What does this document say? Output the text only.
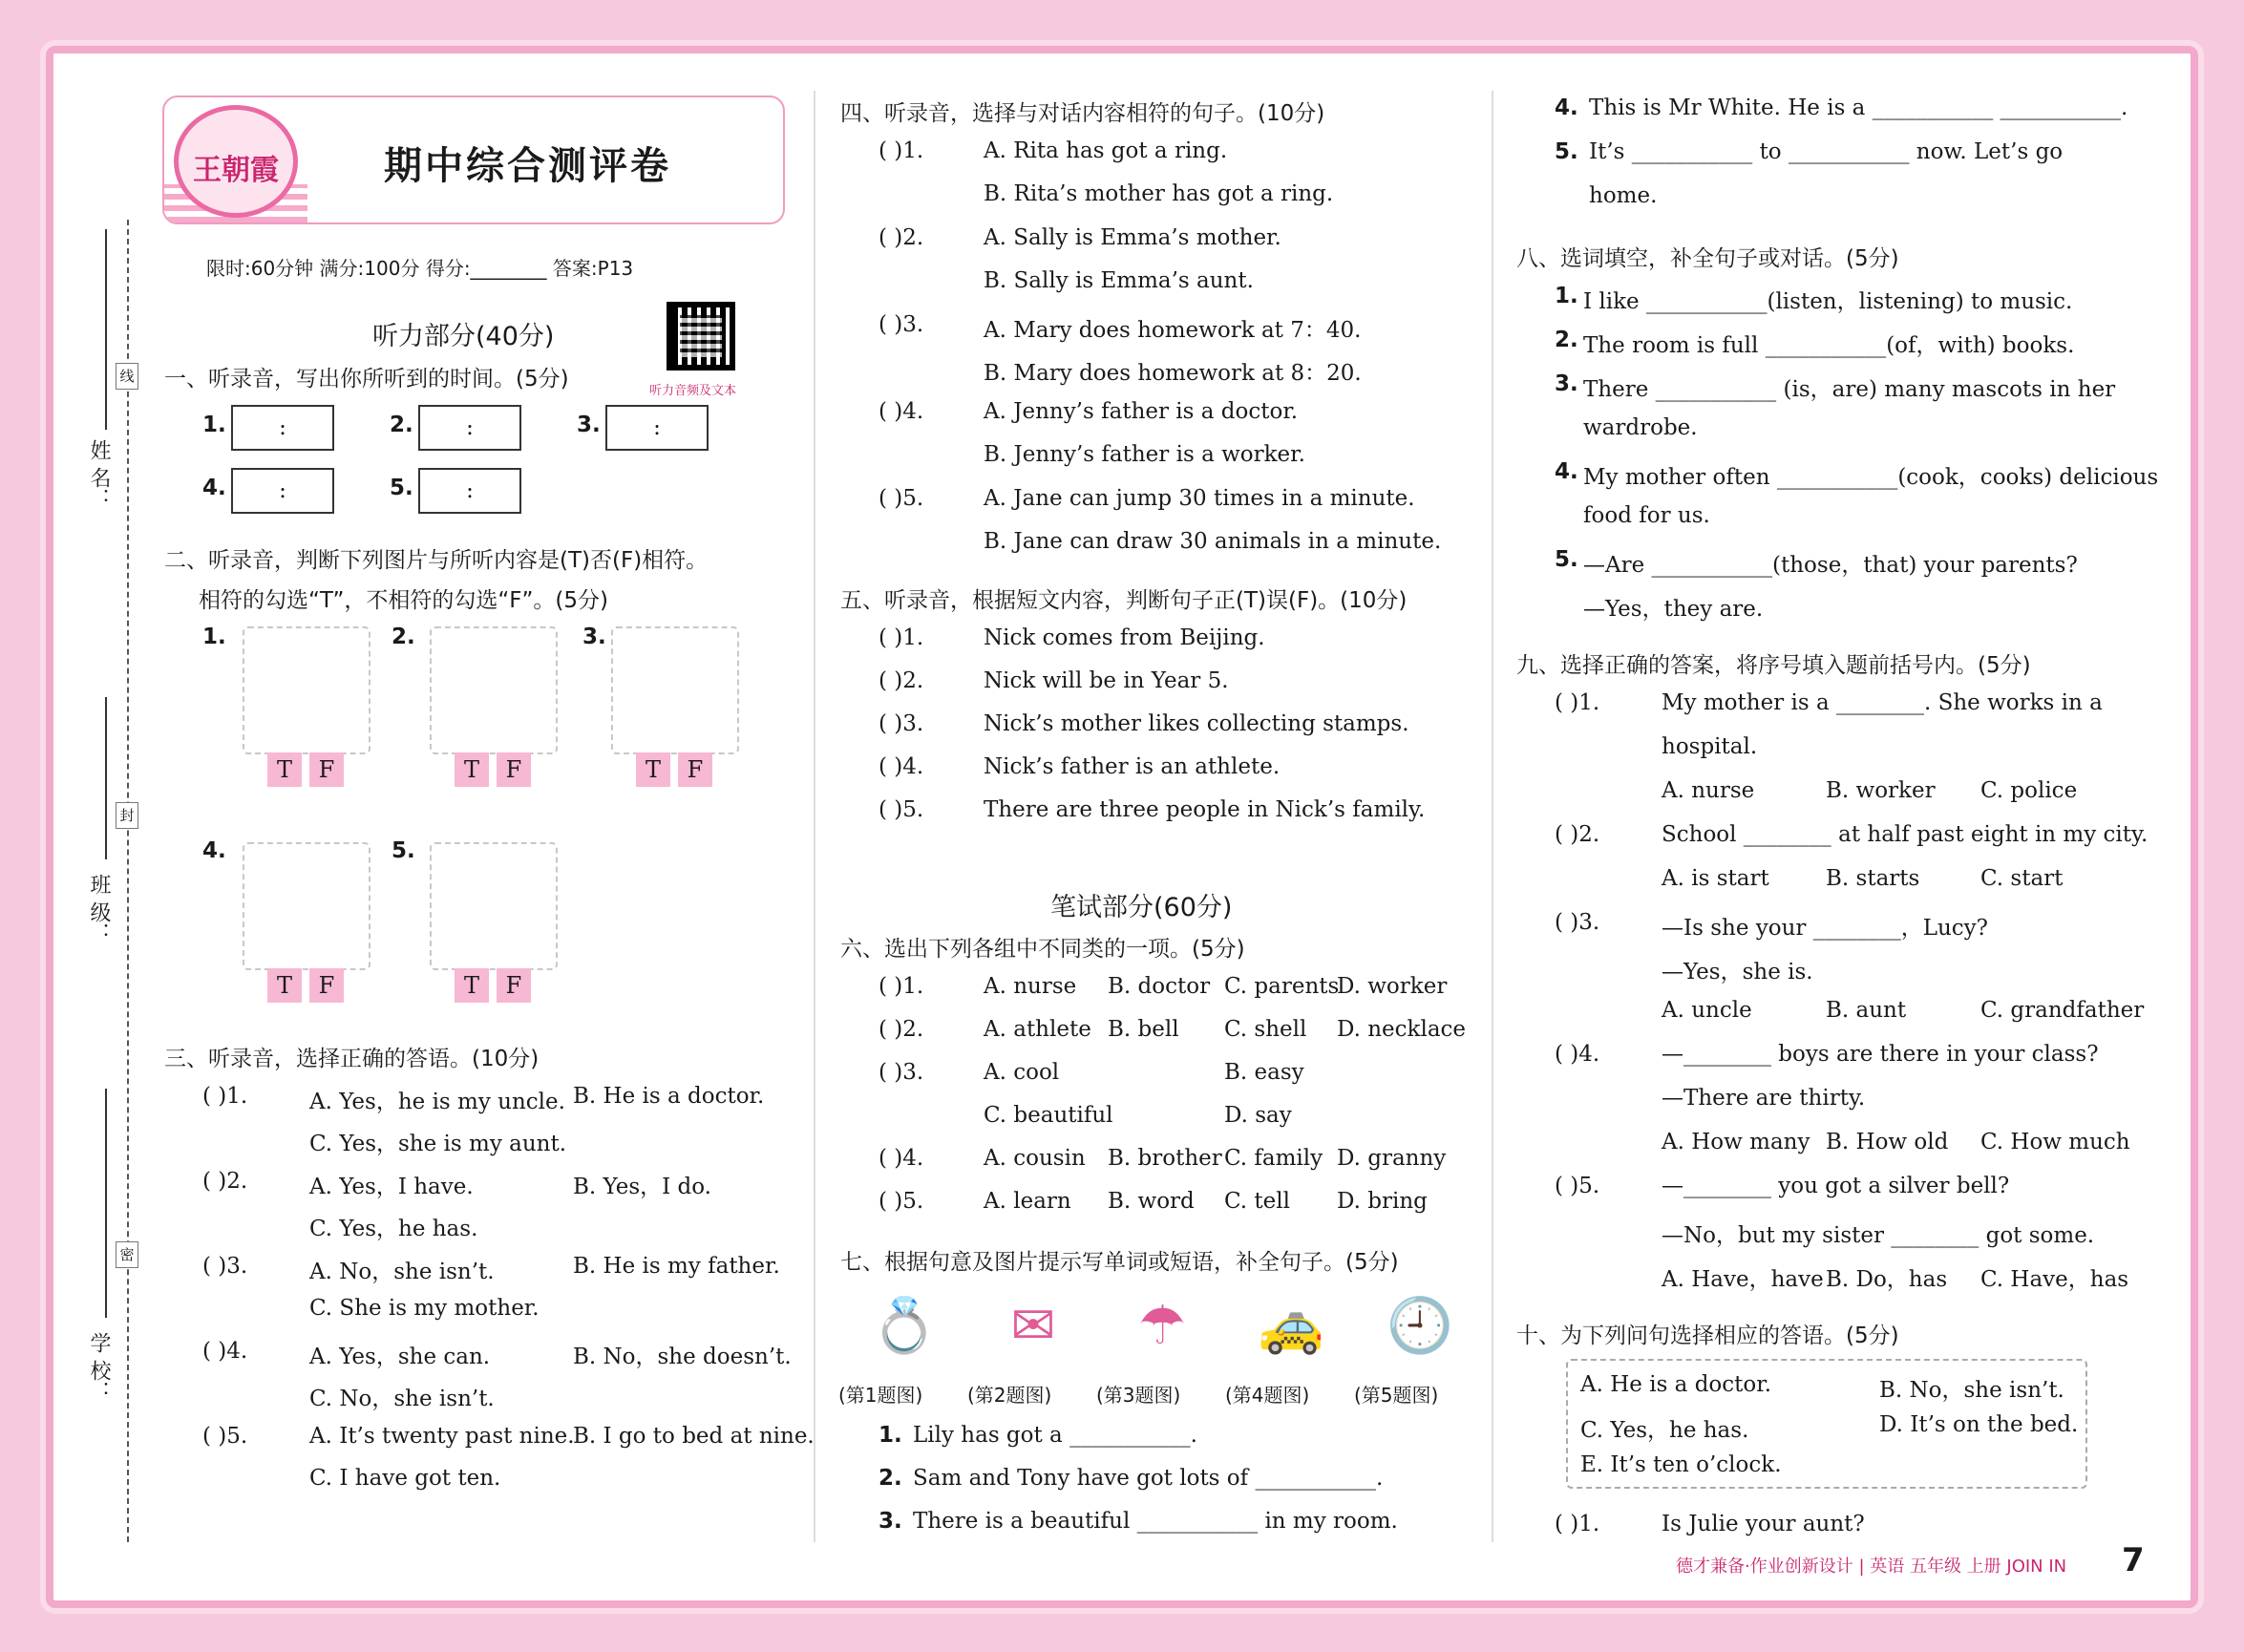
线
封
密
姓 名：
班 级：
学 校：
王朝霞	期中综合测评卷
限时:60分钟 满分:100分 得分:________ 答案:P13
听力音频及文本
听力部分(40分)
一、听录音，写出你所听到的时间。(5分)
1.	:	2.	:	3.	:
4.	:	5.	:
二、听录音，判断下列图片与所听内容是(T)否(F)相符。
相符的勾选“T”，不相符的勾选“F”。(5分)
1.
T	F
2.
T	F
3.
T	F
4.
T	F
5.
T	F
三、听录音，选择正确的答语。(10分)
( )1.	A. Yes，he is my uncle. B. He is a doctor.
C. Yes，she is my aunt.
( )2.	A. Yes，I have.	B. Yes，I do.
C. Yes，he has.
( )3.	A. No，she isn’t.	B. He is my father.
C. She is my mother.
( )4.	A. Yes，she can.	B. No，she doesn’t.
C. No，she isn’t.
( )5.	A. It’s twenty past nine.
B. I go to bed at nine.
C. I have got ten.
四、听录音，选择与对话内容相符的句子。(10分)
( )1.	A. Rita has got a ring.
B. Rita’s mother has got a ring.
( )2.	A. Sally is Emma’s mother.
B. Sally is Emma’s aunt.
( )3.	A. Mary does homework at 7：40.
B. Mary does homework at 8：20.
( )4.	A. Jenny’s father is a doctor.
B. Jenny’s father is a worker.
( )5.	A. Jane can jump 30 times in a minute.
B. Jane can draw 30 animals in a minute.
五、听录音，根据短文内容，判断句子正(T)误(F)。(10分)
( )1.	Nick comes from Beijing.
( )2.	Nick will be in Year 5.
( )3.	Nick’s mother likes collecting stamps.
( )4.	Nick’s father is an athlete.
( )5.	There are three people in Nick’s family.
笔试部分(60分)
六、选出下列各组中不同类的一项。(5分)
( )1.	A. nurse B. doctor C. parents
D. worker
( )2.	A. athlete B. bell C. shell D. necklace
( )3.	A. cool	B. easy
C. beautiful	D. say
( )4.	A. cousin B. brother C. family D. granny
( )5.	A. learn B. word C. tell D. bring
七、根据句意及图片提示写单词或短语，补全句子。(5分)
💍
(第1题图)
✉
(第2题图)
☂
(第3题图)
🚕
(第4题图)
🕘
(第5题图)
1. Lily has got a ___________.
2. Sam and Tony have got lots of ___________.
3. There is a beautiful ___________ in my room.
4. This is Mr White. He is a ___________ ___________.
5. It’s ___________ to ___________ now. Let’s go
home.
八、选词填空，补全句子或对话。(5分)
1. I like ___________(listen，listening) to music.
2. The room is full ___________(of，with) books.
3. There ___________ (is，are) many mascots in her
wardrobe.
4. My mother often ___________(cook，cooks) delicious
food for us.
5. —Are ___________(those，that) your parents?
—Yes，they are.
九、选择正确的答案，将序号填入题前括号内。(5分)
( )1.	My mother is a ________. She works in a
hospital.
A. nurse	B. worker C. police
( )2.	School ________ at half past eight in my city.
A. is start	B. starts	C. start
( )3.	—Is she your ________，Lucy?
—Yes，she is.
A. uncle	B. aunt	C. grandfather
( )4.	—________ boys are there in your class?
—There are thirty.
A. How many B. How old C. How much
( )5.	—________ you got a silver bell?
—No，but my sister ________ got some.
A. Have，have B. Do，has C. Have，has
十、为下列问句选择相应的答语。(5分)
A. He is a doctor.	B. No，she isn’t.
C. Yes，he has.	D. It’s on the bed.
E. It’s ten o’clock.
( )1.	Is Julie your aunt?
德才兼备·作业创新设计 | 英语 五年级 上册 JOIN IN 7
